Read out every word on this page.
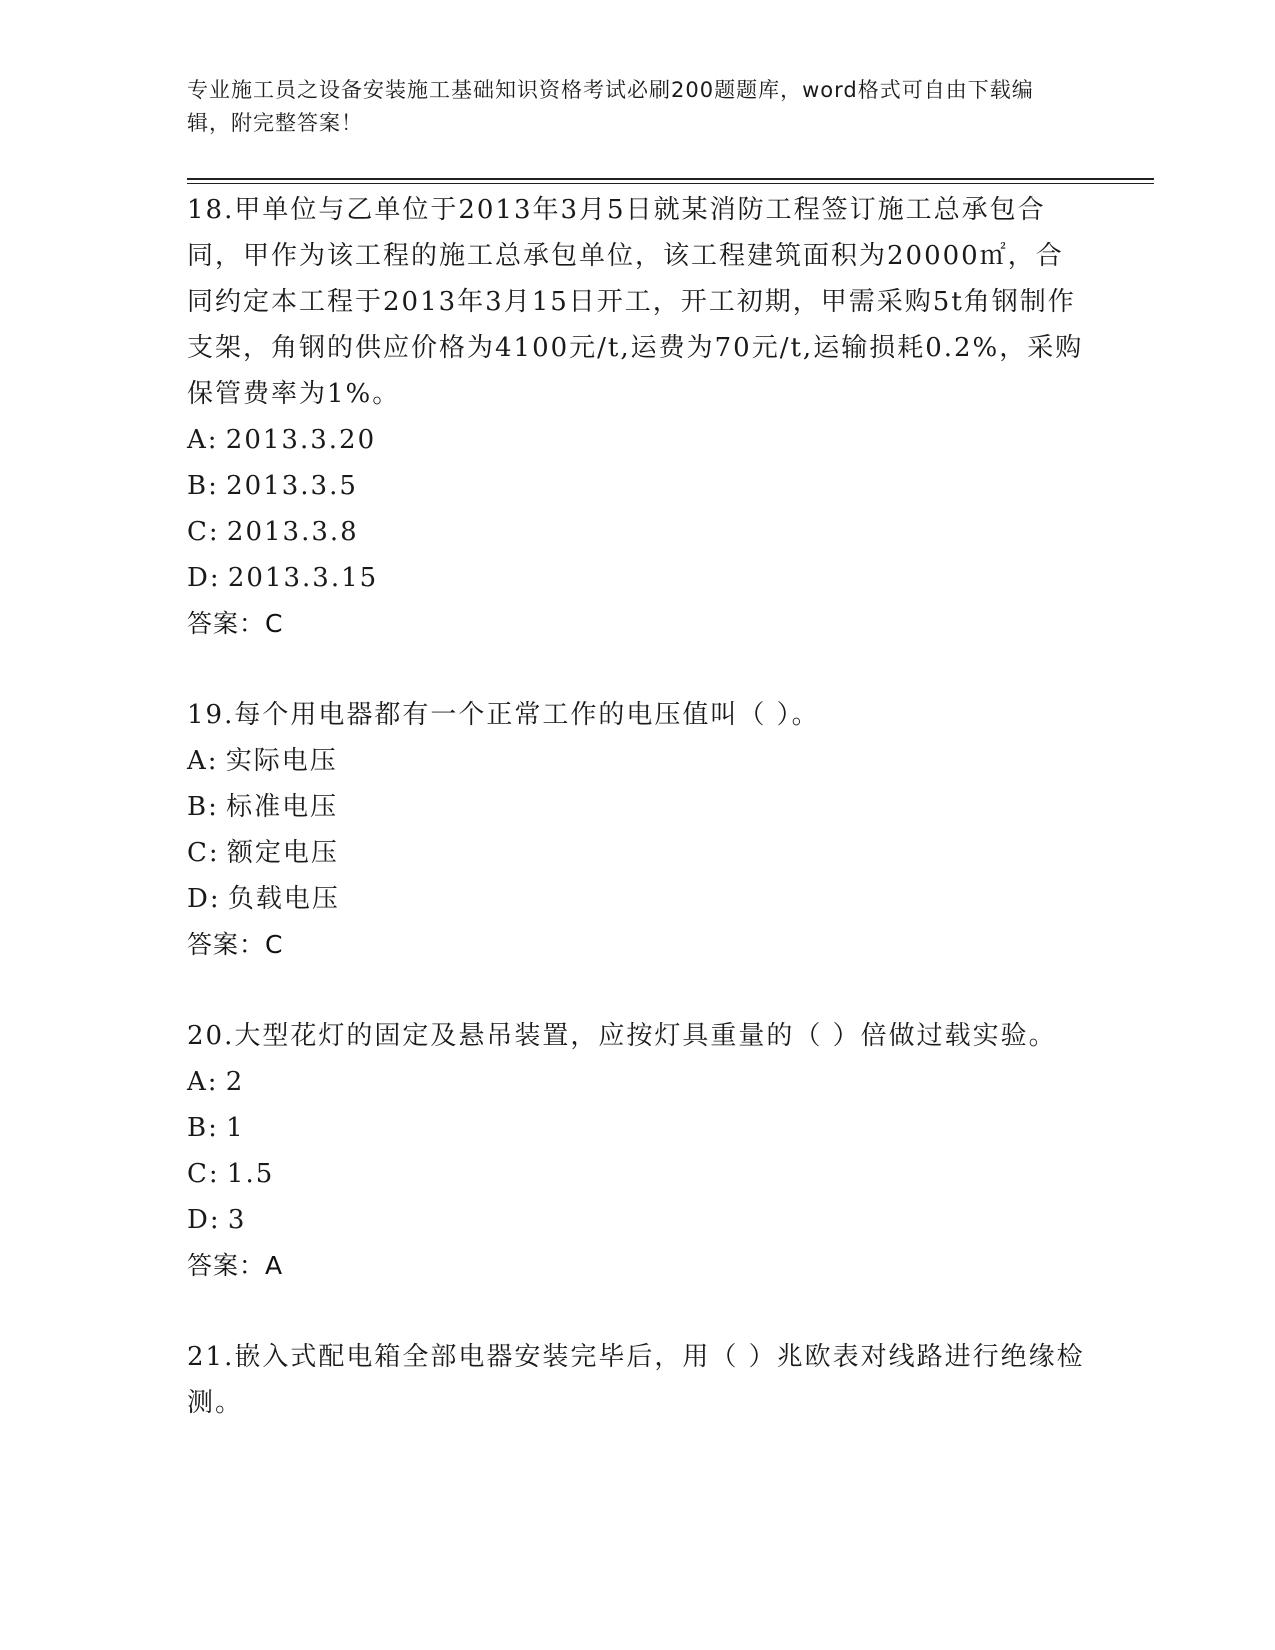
专业施工员之设备安装施工基础知识资格考试必刷200题题库，word格式可自由下载编辑，附完整答案！
18.甲单位与乙单位于2013年3月5日就某消防工程签订施工总承包合同，甲作为该工程的施工总承包单位，该工程建筑面积为20000㎡，合同约定本工程于2013年3月15日开工，开工初期，甲需采购5t角钢制作支架，角钢的供应价格为4100元/t,运费为70元/t,运输损耗0.2%，采购保管费率为1%。
A: 2013.3.20
B: 2013.3.5
C: 2013.3.8
D: 2013.3.15
答案：C
19.每个用电器都有一个正常工作的电压值叫（ ）。
A: 实际电压
B: 标准电压
C: 额定电压
D: 负载电压
答案：C
20.大型花灯的固定及悬吊装置，应按灯具重量的（ ）倍做过载实验。
A: 2
B: 1
C: 1.5
D: 3
答案：A
21.嵌入式配电箱全部电器安装完毕后，用（ ）兆欧表对线路进行绝缘检测。
